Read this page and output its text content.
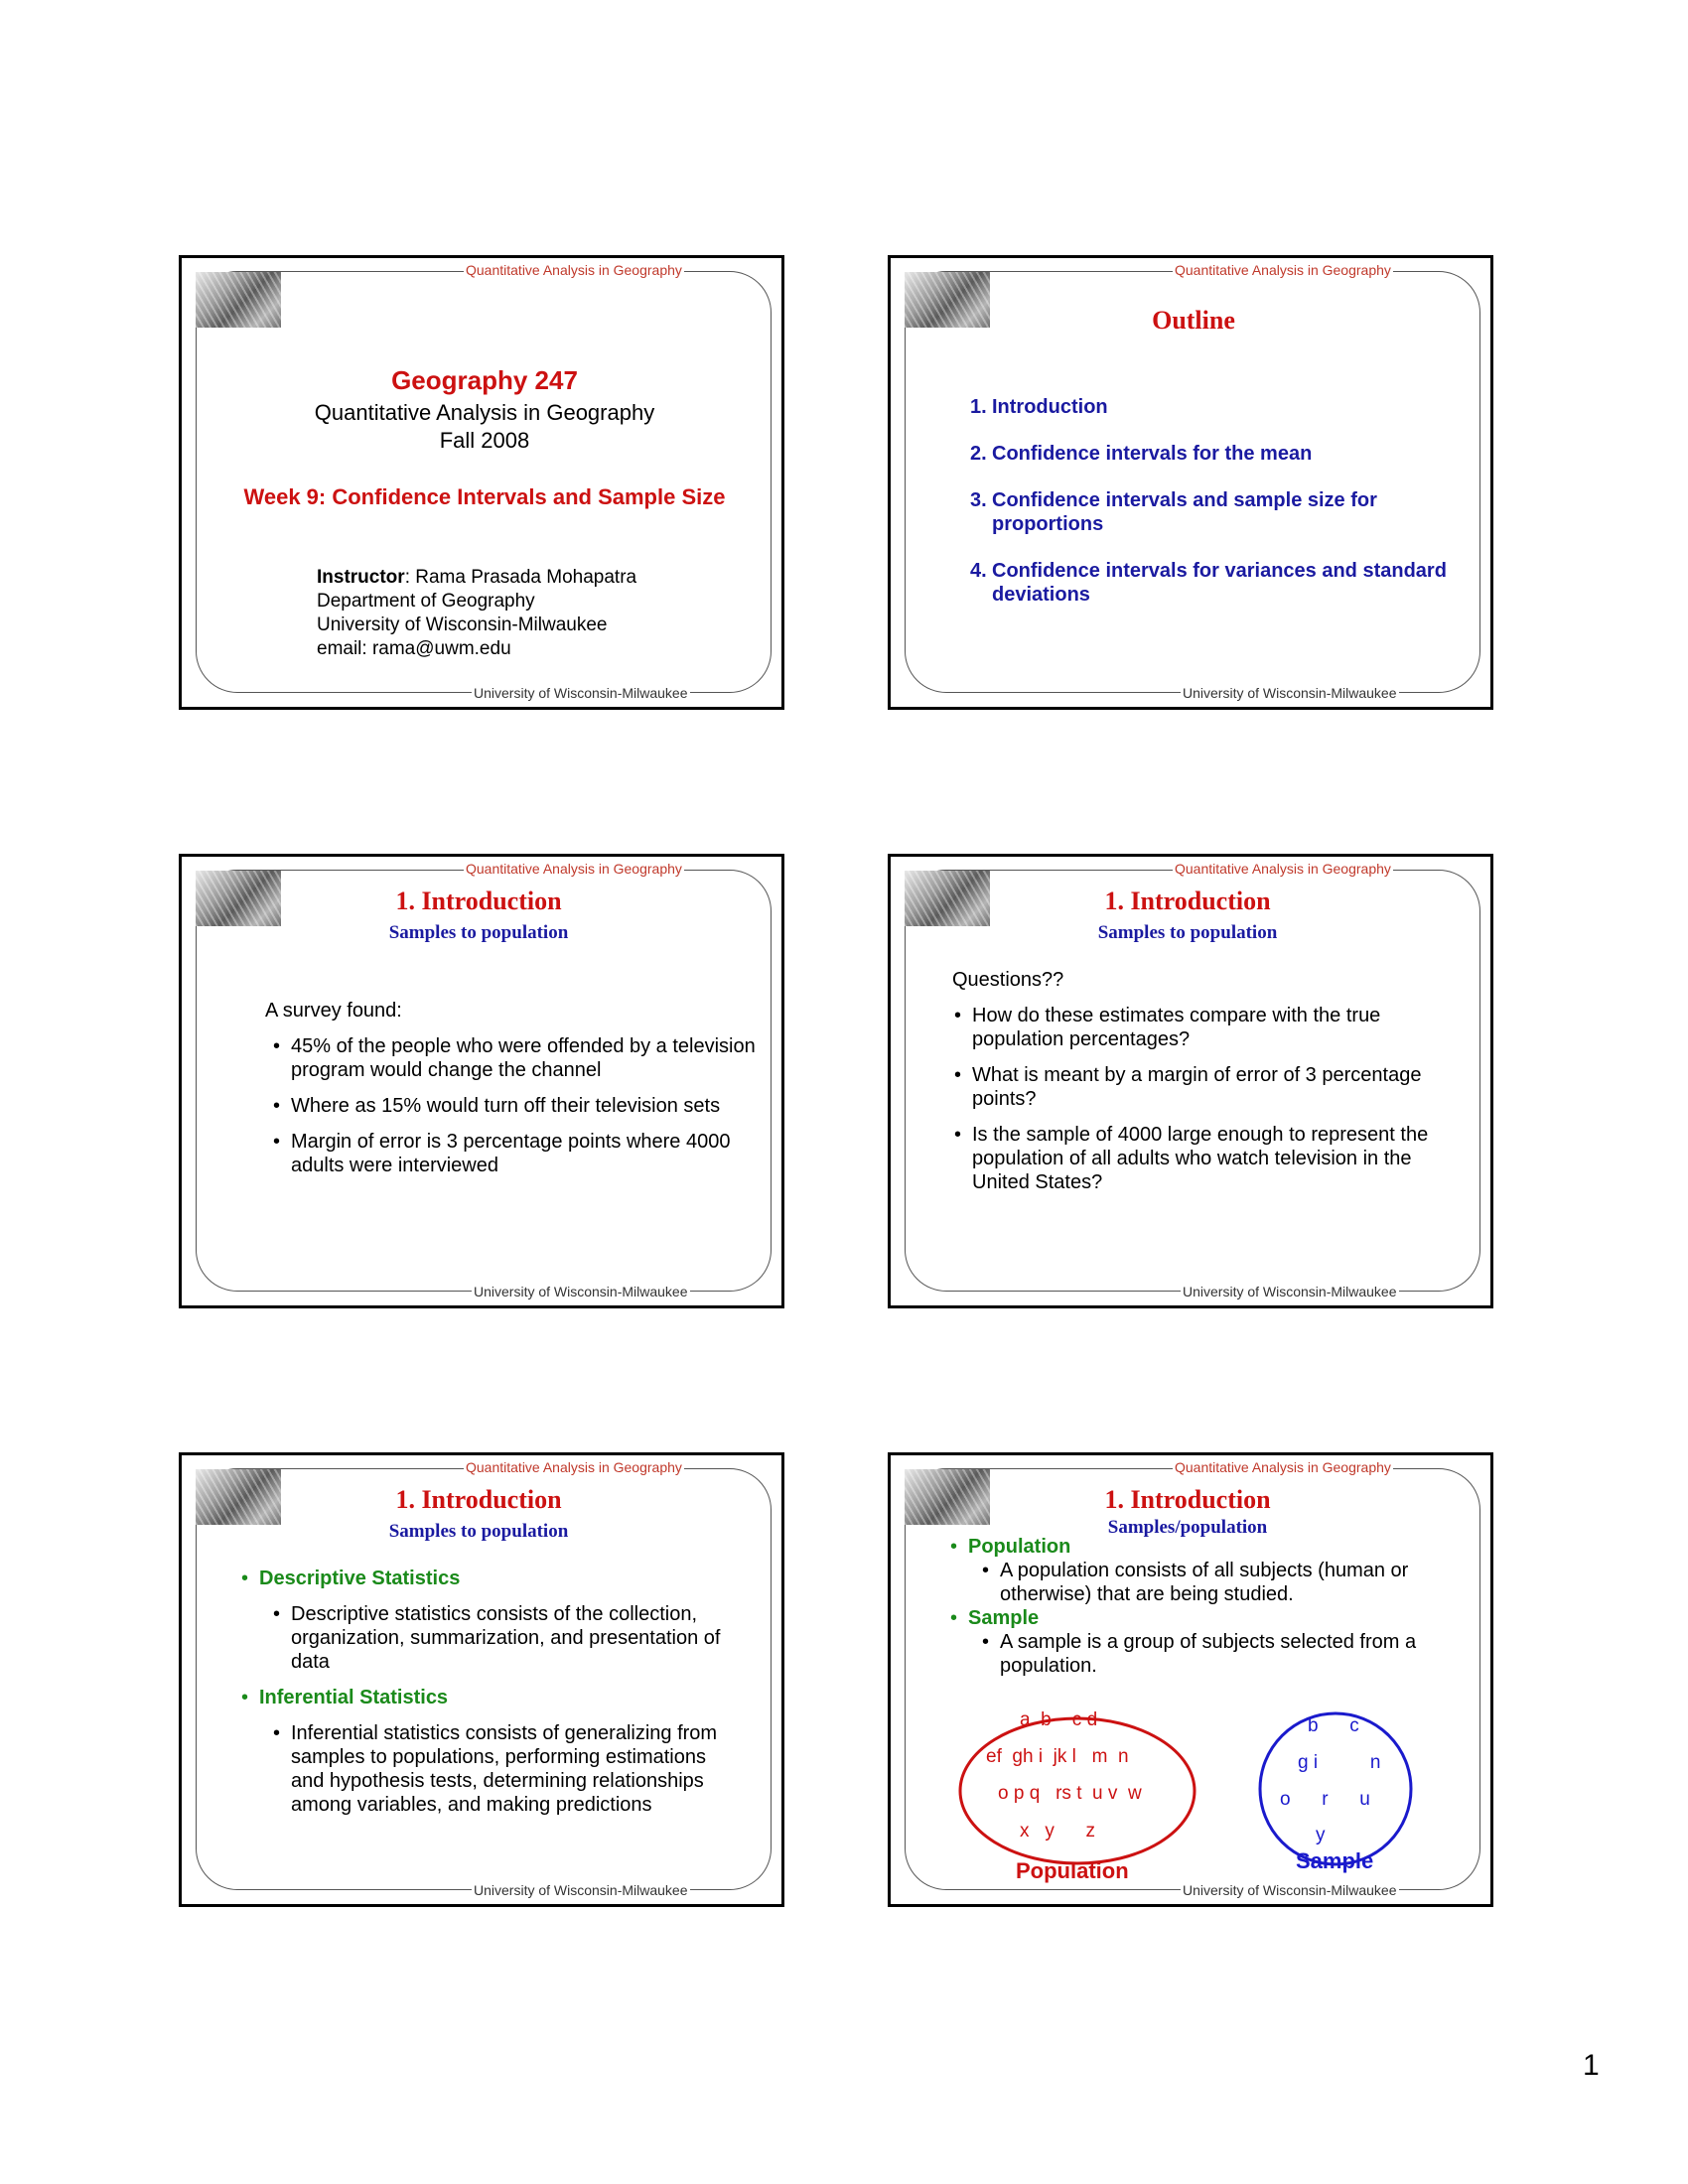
Quantitative Analysis in Geography
Geography 247
Quantitative Analysis in Geography
Fall 2008
Week 9: Confidence Intervals and Sample Size
Instructor: Rama Prasada Mohapatra
Department of Geography
University of Wisconsin-Milwaukee
email: rama@uwm.edu
University of Wisconsin-Milwaukee
Quantitative Analysis in Geography
Outline
1. Introduction
2. Confidence intervals for the mean
3. Confidence intervals and sample size for
proportions
4. Confidence intervals for variances and standard
deviations
University of Wisconsin-Milwaukee
Quantitative Analysis in Geography
1. Introduction
Samples to population
A survey found:
• 45% of the people who were offended by a television program would change the channel
• Where as 15% would turn off their television sets
• Margin of error is 3 percentage points where 4000 adults were interviewed
University of Wisconsin-Milwaukee
Quantitative Analysis in Geography
1. Introduction
Samples to population
Questions??
• How do these estimates compare with the true population percentages?
• What is meant by a margin of error of 3 percentage points?
• Is the sample of 4000 large enough to represent the population of all adults who watch television in the United States?
University of Wisconsin-Milwaukee
Quantitative Analysis in Geography
1. Introduction
Samples to population
• Descriptive Statistics
• Descriptive statistics consists of the collection, organization, summarization, and presentation of data
• Inferential Statistics
• Inferential statistics consists of generalizing from samples to populations, performing estimations and hypothesis tests, determining relationships among variables, and making predictions
University of Wisconsin-Milwaukee
Quantitative Analysis in Geography
1. Introduction
Samples/population
• Population
• A population consists of all subjects (human or otherwise) that are being studied.
• Sample
• A sample is a group of subjects selected from a population.
a  b    c d
ef  gh i  jk l   m  n
o p q   rs t  u v  w
x   y      z
b      c
g i          n
o      r      u
y
Population	Sample
University of Wisconsin-Milwaukee
1
